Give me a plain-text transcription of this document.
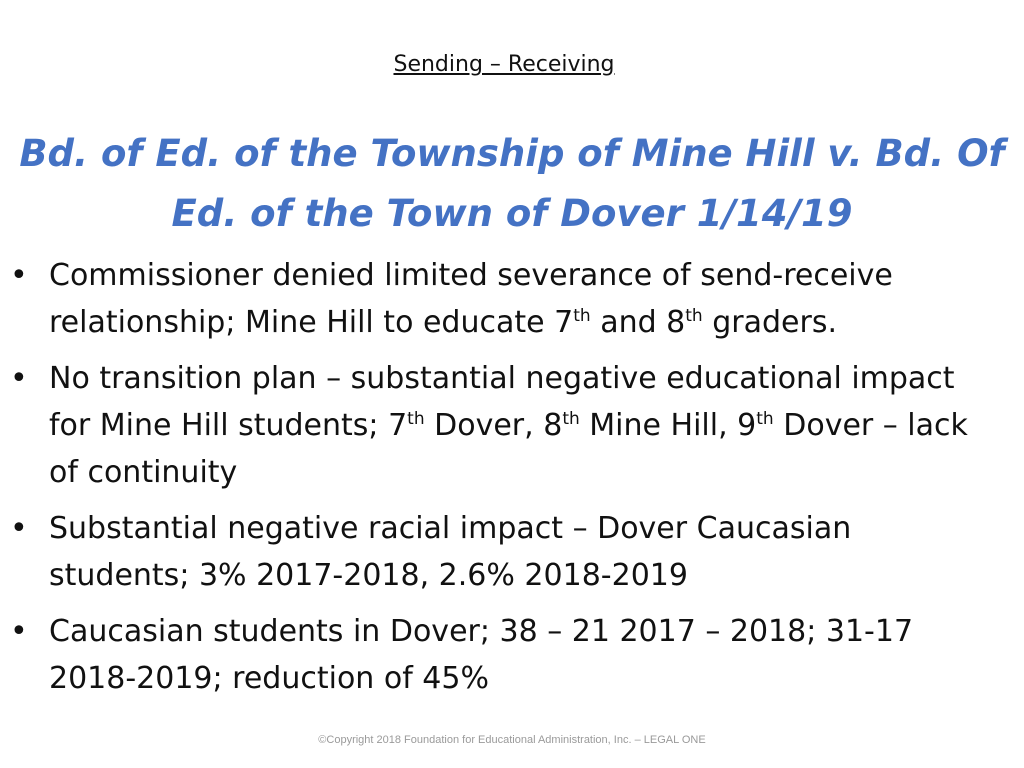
Sending – Receiving
Bd. of Ed. of the Township of Mine Hill v. Bd. Of Ed. of the Town of Dover 1/14/19
• Commissioner denied limited severance of send-receive relationship; Mine Hill to educate 7th and 8th graders.
• No transition plan – substantial negative educational impact for Mine Hill students; 7th Dover, 8th Mine Hill, 9th Dover – lack of continuity
• Substantial negative racial impact – Dover Caucasian students; 3% 2017-2018, 2.6% 2018-2019
• Caucasian students in Dover; 38 – 21 2017 – 2018; 31-17 2018-2019; reduction of 45%
©Copyright 2018 Foundation for Educational Administration, Inc. – LEGAL ONE
